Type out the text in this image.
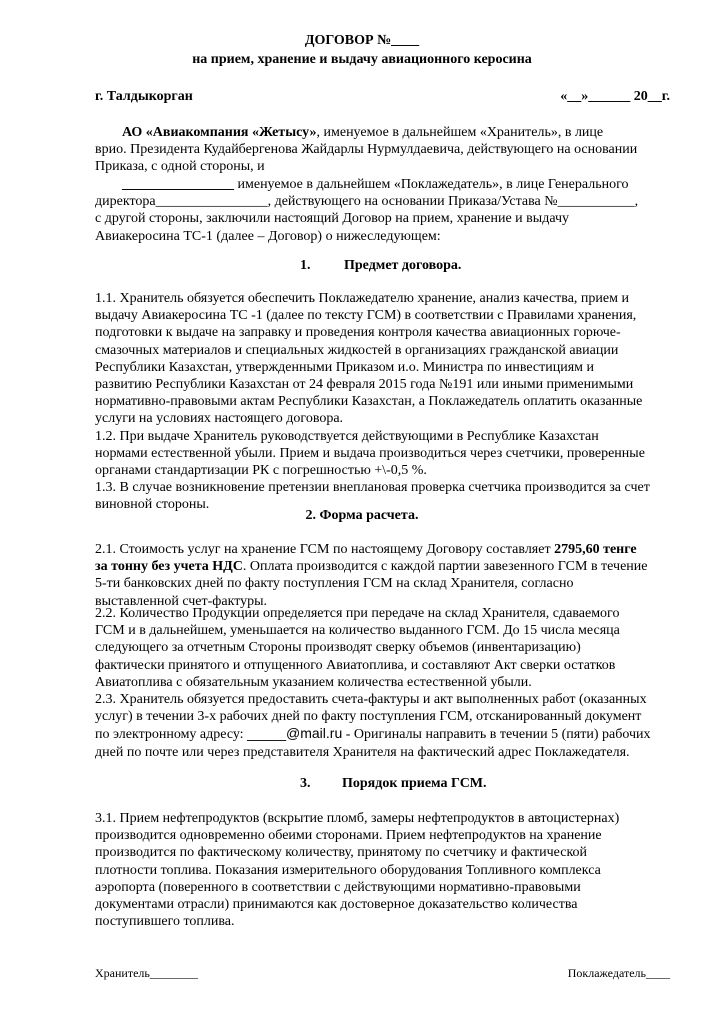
ДОГОВОР №____
на прием, хранение и выдачу авиационного керосина
г. Талдыкорган	«__»______ 20__г.
АО «Авиакомпания «Жетысу», именуемое в дальнейшем «Хранитель», в лице
врио. Президента Кудайбергенова Жайдарлы Нурмулдаевича, действующего на основании
Приказа, с одной стороны, и
________________ именуемое в дальнейшем «Поклажедатель», в лице Генерального
директора________________, действующего на основании Приказа/Устава №___________,
с другой стороны, заключили настоящий Договор на прием, хранение и выдачу
Авиакеросина ТС-1 (далее – Договор) о нижеследующем:
1. Предмет договора.
1.1. Хранитель обязуется обеспечить Поклажедателю хранение, анализ качества, прием и
выдачу Авиакеросина ТС -1 (далее по тексту ГСМ) в соответствии с Правилами хранения,
подготовки к выдаче на заправку и проведения контроля качества авиационных горюче-
смазочных материалов и специальных жидкостей в организациях гражданской авиации
Республики Казахстан, утвержденными Приказом и.о. Министра по инвестициям и
развитию Республики Казахстан от 24 февраля 2015 года №191 или иными применимыми
нормативно-правовыми актам Республики Казахстан, а Поклажедатель оплатить оказанные
услуги на условиях настоящего договора.
1.2. При выдаче Хранитель руководствуется действующими в Республике Казахстан
нормами естественной убыли. Прием и выдача производиться через счетчики, проверенные
органами стандартизации РК с погрешностью +\-0,5 %.
1.3. В случае возникновение претензии внеплановая проверка счетчика производится за счет
виновной стороны.
2. Форма расчета.
2.1. Стоимость услуг на хранение ГСМ по настоящему Договору составляет 2795,60 тенге
за тонну без учета НДС. Оплата производится с каждой партии завезенного ГСМ в течение
5-ти банковских дней по факту поступления ГСМ на склад Хранителя, согласно
выставленной счет-фактуры.
2.2. Количество Продукции определяется при передаче на склад Хранителя, сдаваемого
ГСМ и в дальнейшем, уменьшается на количество выданного ГСМ. До 15 числа месяца
следующего за отчетным Стороны производят сверку объемов (инвентаризацию)
фактически принятого и отпущенного Авиатоплива, и составляют Акт сверки остатков
Авиатоплива с обязательным указанием количества естественной убыли.
2.3. Хранитель обязуется предоставить счета-фактуры и акт выполненных работ (оказанных
услуг) в течении 3-х рабочих дней по факту поступления ГСМ, отсканированный документ
по электронному адресу: _____@mail.ru - Оригиналы направить в течении 5 (пяти) рабочих
дней по почте или через представителя Хранителя на фактический адрес Поклажедателя.
3. Порядок приема ГСМ.
3.1. Прием нефтепродуктов (вскрытие пломб, замеры нефтепродуктов в автоцистернах)
производится одновременно обеими сторонами. Прием нефтепродуктов на хранение
производится по фактическому количеству, принятому по счетчику и фактической
плотности топлива. Показания измерительного оборудования Топливного комплекса
аэропорта (поверенного в соответствии с действующими нормативно-правовыми
документами отрасли) принимаются как достоверное доказательство количества
поступившего топлива.
Хранитель________	Поклажедатель____
